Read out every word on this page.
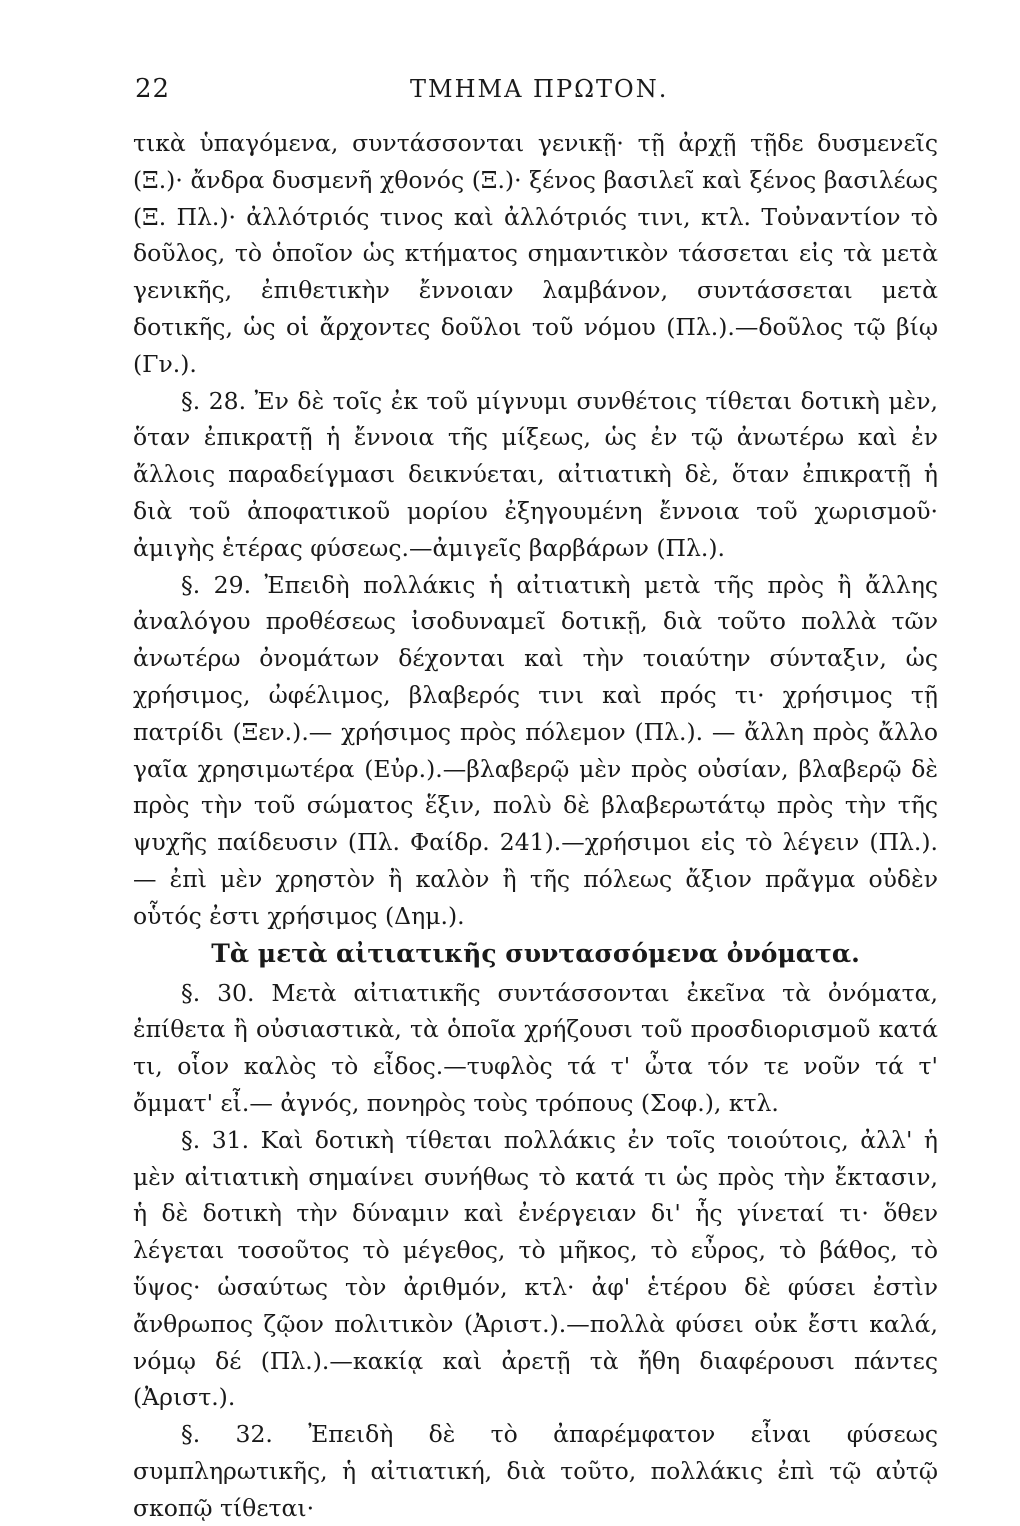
22	ΤΜΗΜΑ ΠΡΩΤΟΝ.

τικὰ ὑπαγόμενα, συντάσσονται γενικῇ· τῇ ἀρχῇ τῇδε δυσμενεῖς (Ξ.)· ἄνδρα δυσμενῆ χθονός (Ξ.)· ξένος βασιλεῖ καὶ ξένος βασιλέως (Ξ. Πλ.)· ἀλλότριός τινος καὶ ἀλλότριός τινι, κτλ. Τοὐναντίον τὸ δοῦλος, τὸ ὁποῖον ὡς κτήματος σημαντικὸν τάσσεται εἰς τὰ μετὰ γενικῆς, ἐπιθετικὴν ἔννοιαν λαμβάνον, συντάσσεται μετὰ δοτικῆς, ὡς οἱ ἄρχοντες δοῦλοι τοῦ νόμου (Πλ.).—δοῦλος τῷ βίῳ (Γν.).

§. 28. Ἐν δὲ τοῖς ἐκ τοῦ μίγνυμι συνθέτοις τίθεται δοτικὴ μὲν, ὅταν ἐπικρατῇ ἡ ἔννοια τῆς μίξεως, ὡς ἐν τῷ ἀνωτέρω καὶ ἐν ἄλλοις παραδείγμασι δεικνύεται, αἰτιατικὴ δὲ, ὅταν ἐπικρατῇ ἡ διὰ τοῦ ἀποφατικοῦ μορίου ἐξηγουμένη ἔννοια τοῦ χωρισμοῦ· ἀμιγὴς ἑτέρας φύσεως.—ἀμιγεῖς βαρβάρων (Πλ.).

§. 29. Ἐπειδὴ πολλάκις ἡ αἰτιατικὴ μετὰ τῆς πρὸς ἢ ἄλλης ἀναλόγου προθέσεως ἰσοδυναμεῖ δοτικῇ, διὰ τοῦτο πολλὰ τῶν ἀνωτέρω ὀνομάτων δέχονται καὶ τὴν τοιαύτην σύνταξιν, ὡς χρήσιμος, ὠφέλιμος, βλαβερός τινι καὶ πρός τι· χρήσιμος τῇ πατρίδι (Ξεν.).— χρήσιμος πρὸς πόλεμον (Πλ.). — ἄλλη πρὸς ἄλλο γαῖα χρησιμωτέρα (Εὐρ.).—βλαβερῷ μὲν πρὸς οὐσίαν, βλαβερῷ δὲ πρὸς τὴν τοῦ σώματος ἕξιν, πολὺ δὲ βλαβερωτάτῳ πρὸς τὴν τῆς ψυχῆς παίδευσιν (Πλ. Φαίδρ. 241).—χρήσιμοι εἰς τὸ λέγειν (Πλ.). — ἐπὶ μὲν χρηστὸν ἢ καλὸν ἢ τῆς πόλεως ἄξιον πρᾶγμα οὐδὲν οὗτός ἐστι χρήσιμος (Δημ.).

Τὰ μετὰ αἰτιατικῆς συντασσόμενα ὀνόματα.

§. 30. Μετὰ αἰτιατικῆς συντάσσονται ἐκεῖνα τὰ ὀνόματα, ἐπίθετα ἢ οὐσιαστικὰ, τὰ ὁποῖα χρήζουσι τοῦ προσδιορισμοῦ κατά τι, οἷον καλὸς τὸ εἶδος.—τυφλὸς τά τ' ὦτα τόν τε νοῦν τά τ' ὄμματ' εἶ.— ἀγνός, πονηρὸς τοὺς τρόπους (Σοφ.), κτλ.

§. 31. Καὶ δοτικὴ τίθεται πολλάκις ἐν τοῖς τοιούτοις, ἀλλ' ἡ μὲν αἰτιατικὴ σημαίνει συνήθως τὸ κατά τι ὡς πρὸς τὴν ἔκτασιν, ἡ δὲ δοτικὴ τὴν δύναμιν καὶ ἐνέργειαν δι' ἧς γίνεταί τι· ὅθεν λέγεται τοσοῦτος τὸ μέγεθος, τὸ μῆκος, τὸ εὖρος, τὸ βάθος, τὸ ὕψος· ὡσαύτως τὸν ἀριθμόν, κτλ· ἀφ' ἑτέρου δὲ φύσει ἐστὶν ἄνθρωπος ζῷον πολιτικὸν (Ἀριστ.).—πολλὰ φύσει οὐκ ἔστι καλά, νόμῳ δέ (Πλ.).—κακίᾳ καὶ ἀρετῇ τὰ ἤθη διαφέρουσι πάντες (Ἀριστ.).

§. 32. Ἐπειδὴ δὲ τὸ ἀπαρέμφατον εἶναι φύσεως συμπληρωτικῆς, ἡ αἰτιατική, διὰ τοῦτο, πολλάκις ἐπὶ τῷ αὐτῷ σκοπῷ τίθεται·
